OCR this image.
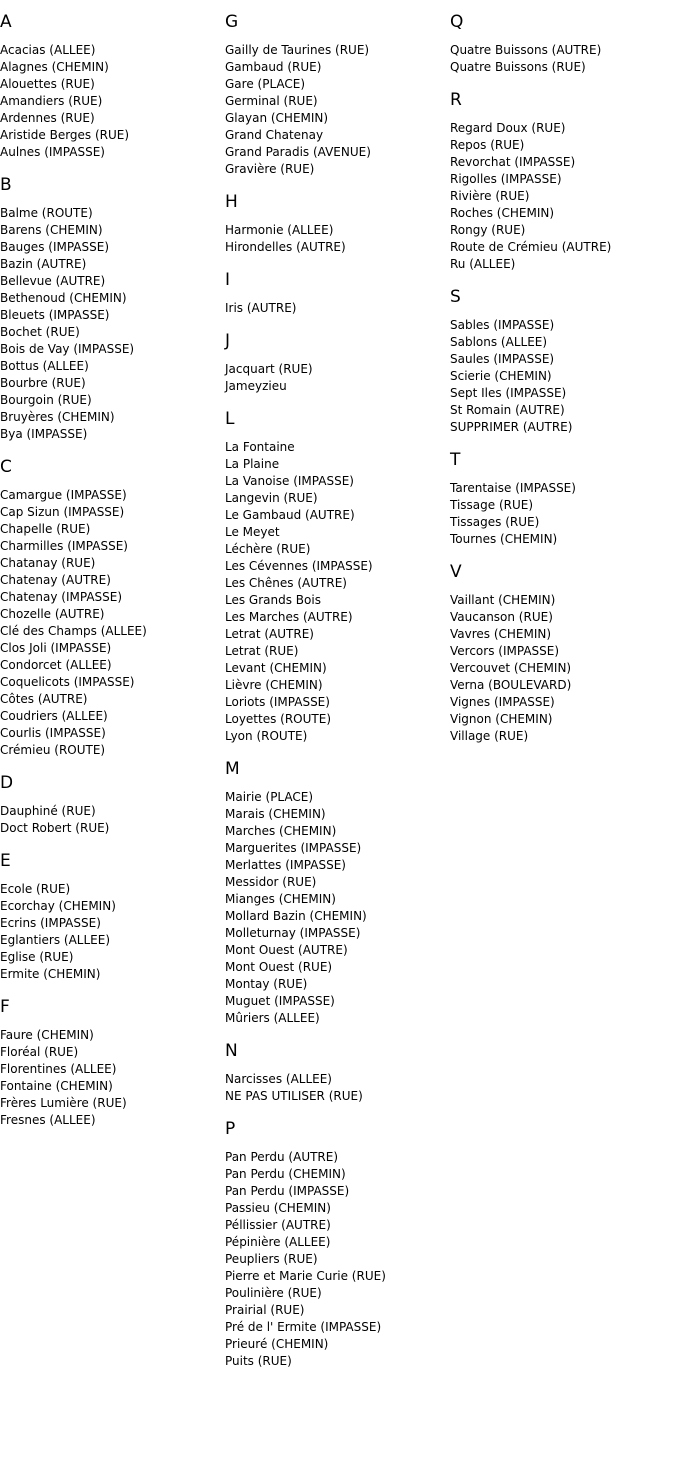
A
Acacias (ALLEE)
Alagnes (CHEMIN)
Alouettes (RUE)
Amandiers (RUE)
Ardennes (RUE)
Aristide Berges (RUE)
Aulnes (IMPASSE)
B
Balme (ROUTE)
Barens (CHEMIN)
Bauges (IMPASSE)
Bazin (AUTRE)
Bellevue (AUTRE)
Bethenoud (CHEMIN)
Bleuets (IMPASSE)
Bochet (RUE)
Bois de Vay (IMPASSE)
Bottus (ALLEE)
Bourbre (RUE)
Bourgoin (RUE)
Bruyères (CHEMIN)
Bya (IMPASSE)
C
Camargue (IMPASSE)
Cap Sizun (IMPASSE)
Chapelle (RUE)
Charmilles (IMPASSE)
Chatanay (RUE)
Chatenay (AUTRE)
Chatenay (IMPASSE)
Chozelle (AUTRE)
Clé des Champs (ALLEE)
Clos Joli (IMPASSE)
Condorcet (ALLEE)
Coquelicots (IMPASSE)
Côtes (AUTRE)
Coudriers (ALLEE)
Courlis (IMPASSE)
Crémieu (ROUTE)
D
Dauphiné (RUE)
Doct Robert (RUE)
E
Ecole (RUE)
Ecorchay (CHEMIN)
Ecrins (IMPASSE)
Eglantiers (ALLEE)
Eglise (RUE)
Ermite (CHEMIN)
F
Faure (CHEMIN)
Floréal (RUE)
Florentines (ALLEE)
Fontaine (CHEMIN)
Frères Lumière (RUE)
Fresnes (ALLEE)
G
Gailly de Taurines (RUE)
Gambaud (RUE)
Gare (PLACE)
Germinal (RUE)
Glayan (CHEMIN)
Grand Chatenay
Grand Paradis (AVENUE)
Gravière (RUE)
H
Harmonie (ALLEE)
Hirondelles (AUTRE)
I
Iris (AUTRE)
J
Jacquart (RUE)
Jameyzieu
L
La Fontaine
La Plaine
La Vanoise (IMPASSE)
Langevin (RUE)
Le Gambaud (AUTRE)
Le Meyet
Léchère (RUE)
Les Cévennes (IMPASSE)
Les Chênes (AUTRE)
Les Grands Bois
Les Marches (AUTRE)
Letrat (AUTRE)
Letrat (RUE)
Levant (CHEMIN)
Lièvre (CHEMIN)
Loriots (IMPASSE)
Loyettes (ROUTE)
Lyon (ROUTE)
M
Mairie (PLACE)
Marais (CHEMIN)
Marches (CHEMIN)
Marguerites (IMPASSE)
Merlattes (IMPASSE)
Messidor (RUE)
Mianges (CHEMIN)
Mollard Bazin (CHEMIN)
Molleturnay (IMPASSE)
Mont Ouest (AUTRE)
Mont Ouest (RUE)
Montay (RUE)
Muguet (IMPASSE)
Mûriers (ALLEE)
N
Narcisses (ALLEE)
NE PAS UTILISER (RUE)
P
Pan Perdu (AUTRE)
Pan Perdu (CHEMIN)
Pan Perdu (IMPASSE)
Passieu (CHEMIN)
Péllissier (AUTRE)
Pépinière (ALLEE)
Peupliers (RUE)
Pierre et Marie Curie (RUE)
Poulinière (RUE)
Prairial (RUE)
Pré de l' Ermite (IMPASSE)
Prieuré (CHEMIN)
Puits (RUE)
Q
Quatre Buissons (AUTRE)
Quatre Buissons (RUE)
R
Regard Doux (RUE)
Repos (RUE)
Revorchat (IMPASSE)
Rigolles (IMPASSE)
Rivière (RUE)
Roches (CHEMIN)
Rongy (RUE)
Route de Crémieu (AUTRE)
Ru (ALLEE)
S
Sables (IMPASSE)
Sablons (ALLEE)
Saules (IMPASSE)
Scierie (CHEMIN)
Sept Iles (IMPASSE)
St Romain (AUTRE)
SUPPRIMER (AUTRE)
T
Tarentaise (IMPASSE)
Tissage (RUE)
Tissages (RUE)
Tournes (CHEMIN)
V
Vaillant (CHEMIN)
Vaucanson (RUE)
Vavres (CHEMIN)
Vercors (IMPASSE)
Vercouvet (CHEMIN)
Verna (BOULEVARD)
Vignes (IMPASSE)
Vignon (CHEMIN)
Village (RUE)
